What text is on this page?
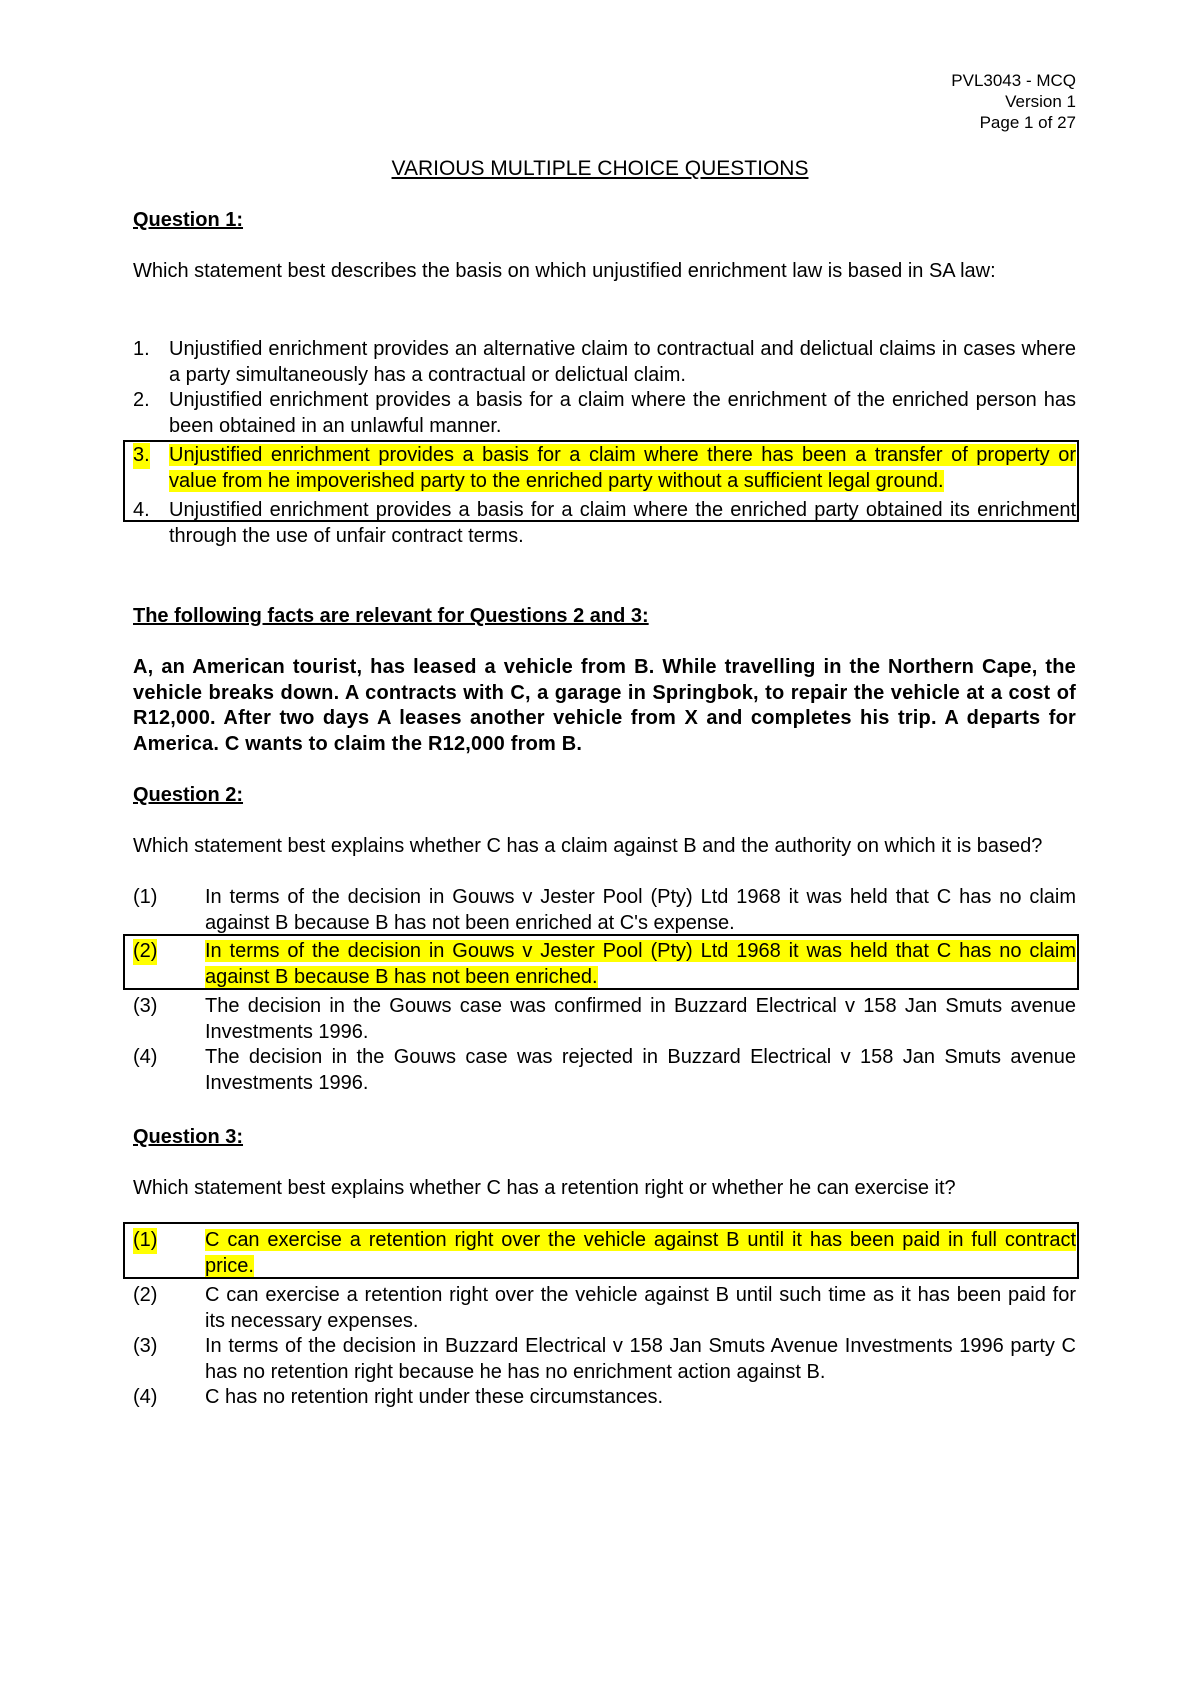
PVL3043 - MCQ
Version 1
Page 1 of 27
VARIOUS MULTIPLE CHOICE QUESTIONS
Question 1:
Which statement best describes the basis on which unjustified enrichment law is based in SA law:
1. Unjustified enrichment provides an alternative claim to contractual and delictual claims in cases where a party simultaneously has a contractual or delictual claim.
2. Unjustified enrichment provides a basis for a claim where the enrichment of the enriched person has been obtained in an unlawful manner.
3. Unjustified enrichment provides a basis for a claim where there has been a transfer of property or value from he impoverished party to the enriched party without a sufficient legal ground.
4. Unjustified enrichment provides a basis for a claim where the enriched party obtained its enrichment through the use of unfair contract terms.
The following facts are relevant for Questions 2 and 3:
A, an American tourist, has leased a vehicle from B. While travelling in the Northern Cape, the vehicle breaks down. A contracts with C, a garage in Springbok, to repair the vehicle at a cost of R12,000. After two days A leases another vehicle from X and completes his trip. A departs for America. C wants to claim the R12,000 from B.
Question 2:
Which statement best explains whether C has a claim against B and the authority on which it is based?
(1) In terms of the decision in Gouws v Jester Pool (Pty) Ltd 1968 it was held that C has no claim against B because B has not been enriched at C's expense.
(2) In terms of the decision in Gouws v Jester Pool (Pty) Ltd 1968 it was held that C has no claim against B because B has not been enriched.
(3) The decision in the Gouws case was confirmed in Buzzard Electrical v 158 Jan Smuts avenue Investments 1996.
(4) The decision in the Gouws case was rejected in Buzzard Electrical v 158 Jan Smuts avenue Investments 1996.
Question 3:
Which statement best explains whether C has a retention right or whether he can exercise it?
(1) C can exercise a retention right over the vehicle against B until it has been paid in full contract price.
(2) C can exercise a retention right over the vehicle against B until such time as it has been paid for its necessary expenses.
(3) In terms of the decision in Buzzard Electrical v 158 Jan Smuts Avenue Investments 1996 party C has no retention right because he has no enrichment action against B.
(4) C has no retention right under these circumstances.
